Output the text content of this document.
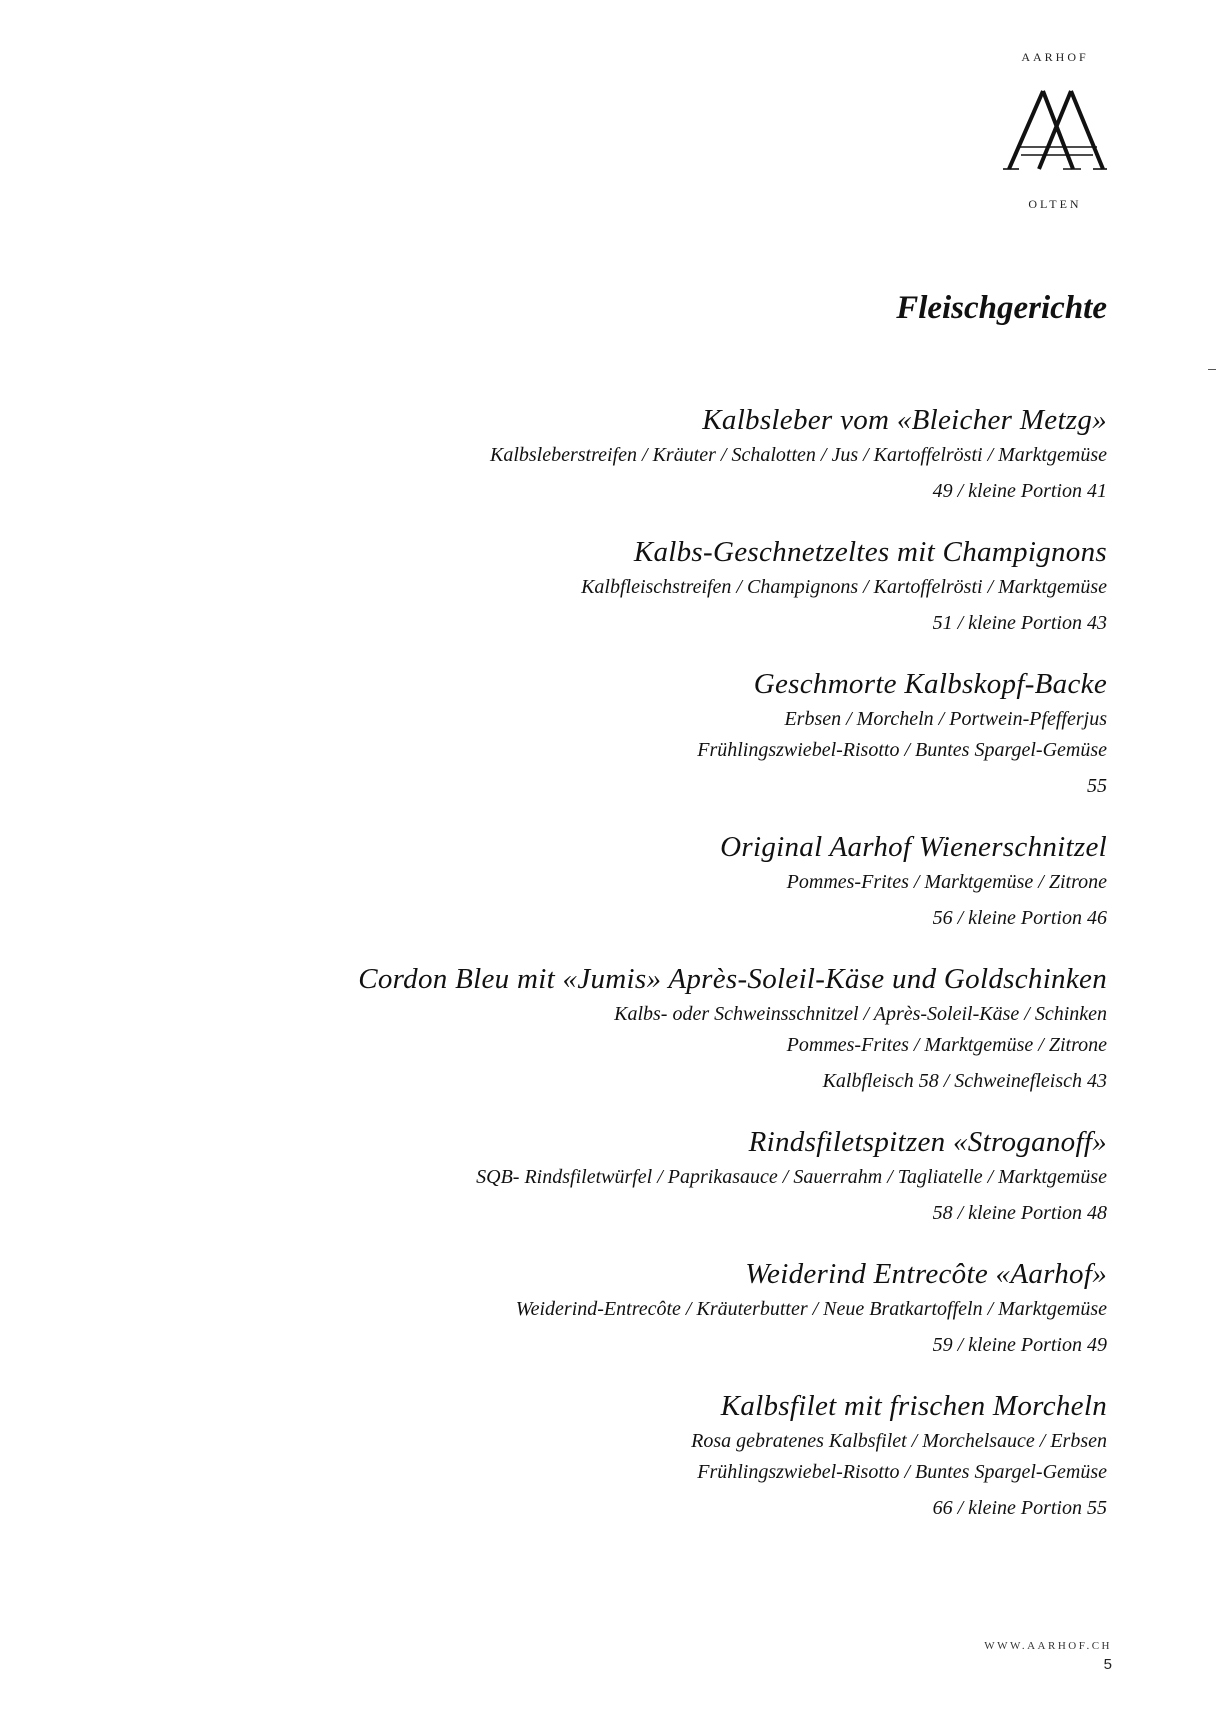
AARHOF
OLTEN
Fleischgerichte
Kalbsleber vom «Bleicher Metzg»
Kalbsleberstreifen / Kräuter / Schalotten / Jus / Kartoffelrösti / Marktgemüse
49 / kleine Portion 41
Kalbs-Geschnetzeltes mit Champignons
Kalbfleischstreifen / Champignons / Kartoffelrösti / Marktgemüse
51 / kleine Portion 43
Geschmorte Kalbskopf-Backe
Erbsen / Morcheln / Portwein-Pfefferjus
Frühlingszwiebel-Risotto / Buntes Spargel-Gemüse
55
Original Aarhof Wienerschnitzel
Pommes-Frites / Marktgemüse / Zitrone
56 / kleine Portion 46
Cordon Bleu mit «Jumis» Après-Soleil-Käse und Goldschinken
Kalbs- oder Schweinsschnitzel / Après-Soleil-Käse / Schinken
Pommes-Frites / Marktgemüse / Zitrone
Kalbfleisch 58 / Schweinefleisch 43
Rindsfiletspitzen «Stroganoff»
SQB- Rindsfiletwürfel / Paprikasauce / Sauerrahm / Tagliatelle / Marktgemüse
58 / kleine Portion 48
Weiderind Entrecôte «Aarhof»
Weiderind-Entrecôte / Kräuterbutter / Neue Bratkartoffeln / Marktgemüse
59 / kleine Portion 49
Kalbsfilet mit frischen Morcheln
Rosa gebratenes Kalbsfilet / Morchelsauce / Erbsen
Frühlingszwiebel-Risotto / Buntes Spargel-Gemüse
66 / kleine Portion 55
WWW.AARHOF.CH
5
